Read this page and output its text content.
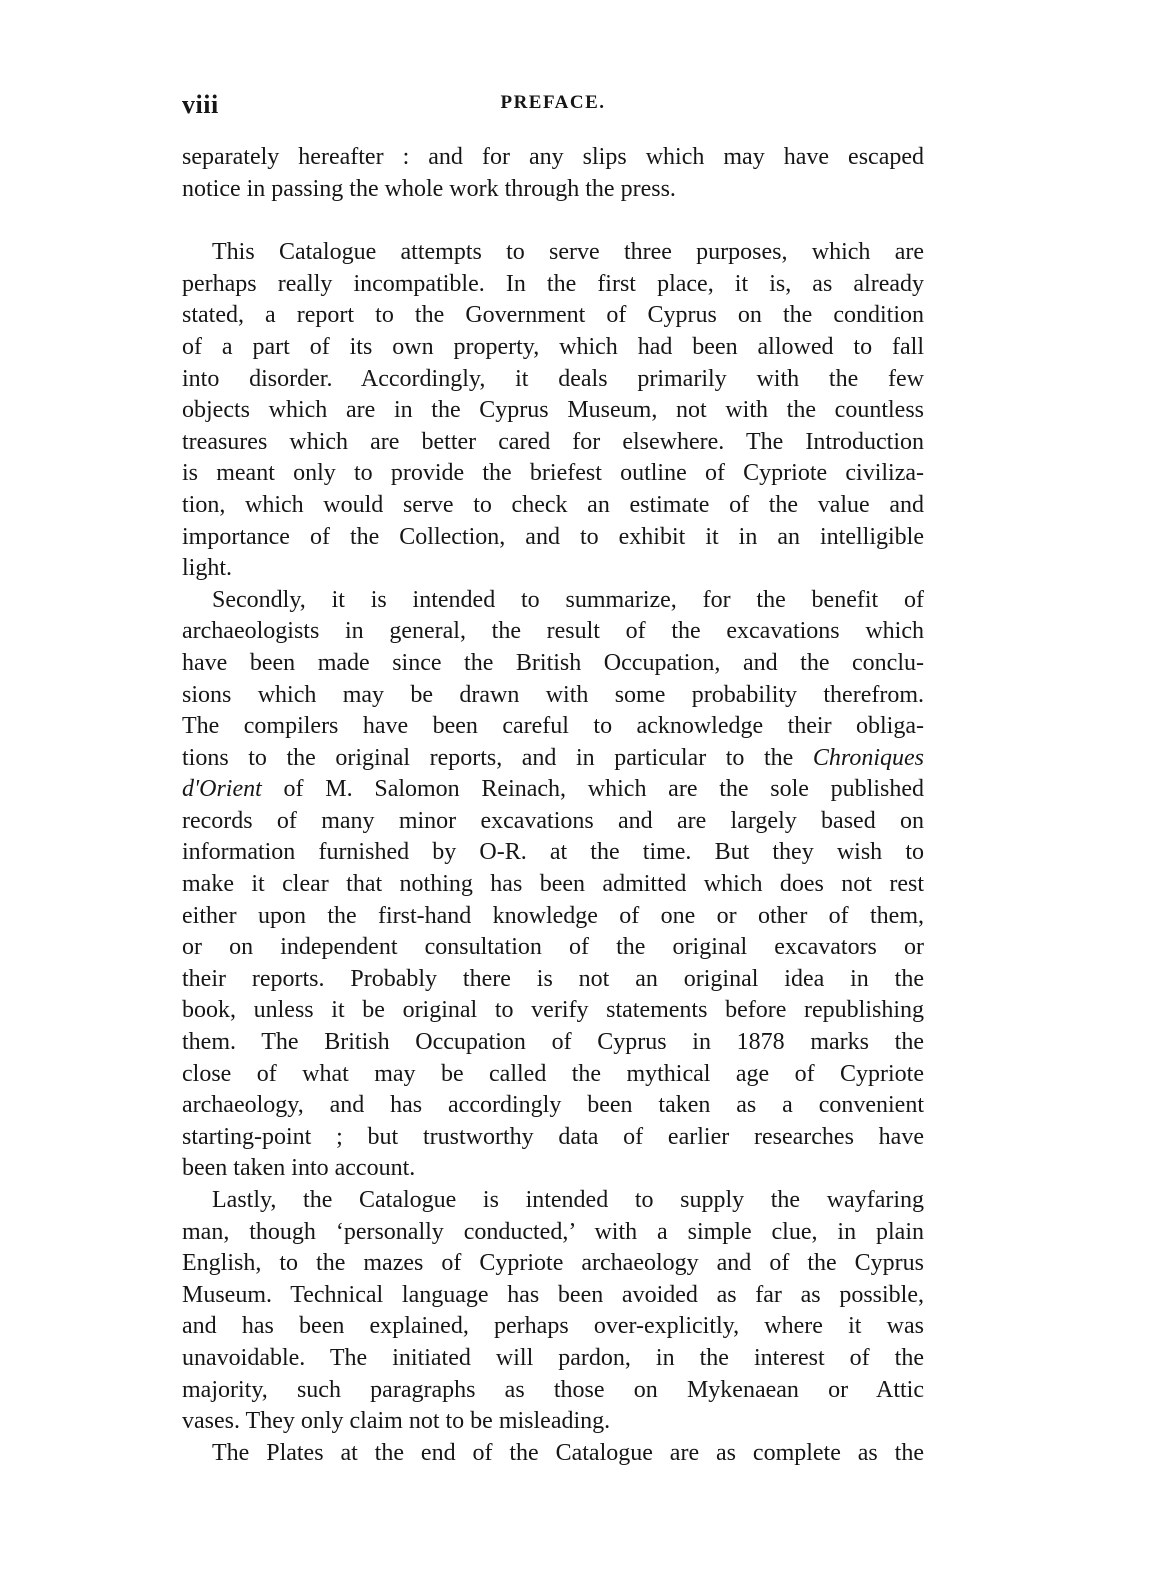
viii	PREFACE.

separately hereafter : and for any slips which may have escaped

notice in passing the whole work through the press.

This Catalogue attempts to serve three purposes, which are

perhaps really incompatible. In the first place, it is, as already

stated, a report to the Government of Cyprus on the condition

of a part of its own property, which had been allowed to fall

into disorder. Accordingly, it deals primarily with the few

objects which are in the Cyprus Museum, not with the countless

treasures which are better cared for elsewhere. The Introduction

is meant only to provide the briefest outline of Cypriote civiliza-

tion, which would serve to check an estimate of the value and

importance of the Collection, and to exhibit it in an intelligible

light.

Secondly, it is intended to summarize, for the benefit of

archaeologists in general, the result of the excavations which

have been made since the British Occupation, and the conclu-

sions which may be drawn with some probability therefrom.

The compilers have been careful to acknowledge their obliga-

tions to the original reports, and in particular to the Chroniques

d'Orient of M. Salomon Reinach, which are the sole published

records of many minor excavations and are largely based on

information furnished by O-R. at the time. But they wish to

make it clear that nothing has been admitted which does not rest

either upon the first-hand knowledge of one or other of them,

or on independent consultation of the original excavators or

their reports. Probably there is not an original idea in the

book, unless it be original to verify statements before republishing

them. The British Occupation of Cyprus in 1878 marks the

close of what may be called the mythical age of Cypriote

archaeology, and has accordingly been taken as a convenient

starting-point ; but trustworthy data of earlier researches have

been taken into account.

Lastly, the Catalogue is intended to supply the wayfaring

man, though ‘personally conducted,’ with a simple clue, in plain

English, to the mazes of Cypriote archaeology and of the Cyprus

Museum. Technical language has been avoided as far as possible,

and has been explained, perhaps over-explicitly, where it was

unavoidable. The initiated will pardon, in the interest of the

majority, such paragraphs as those on Mykenaean or Attic

vases. They only claim not to be misleading.

The Plates at the end of the Catalogue are as complete as the
